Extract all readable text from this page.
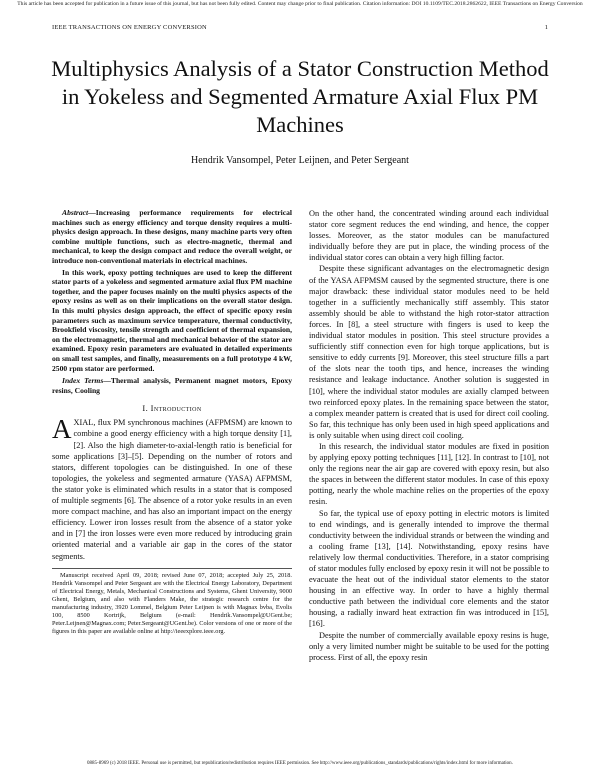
This article has been accepted for publication in a future issue of this journal, but has not been fully edited. Content may change prior to final publication. Citation information: DOI 10.1109/TEC.2018.2862622, IEEE Transactions on Energy Conversion
IEEE TRANSACTIONS ON ENERGY CONVERSION	1
Multiphysics Analysis of a Stator Construction Method in Yokeless and Segmented Armature Axial Flux PM Machines
Hendrik Vansompel, Peter Leijnen, and Peter Sergeant

Abstract—Increasing performance requirements for electrical machines such as energy efficiency and torque density requires a multi-physics design approach. In these designs, many machine parts very often combine multiple functions, such as electro-magnetic, thermal and mechanical, to keep the design compact and reduce the overall weight, or introduce non-conventional materials in electrical machines.

In this work, epoxy potting techniques are used to keep the different stator parts of a yokeless and segmented armature axial flux PM machine together, and the paper focuses mainly on the multi physics aspects of the epoxy resins as well as on their implications on the overall stator design. In this multi physics design approach, the effect of specific epoxy resin parameters such as maximum service temperature, thermal conductivity, Brookfield viscosity, tensile strength and coefficient of thermal expansion, on the electromagnetic, thermal and mechanical behavior of the stator are examined. Epoxy resin parameters are evaluated in detailed experiments on small test samples, and finally, measurements on a full prototype 4 kW, 2500 rpm stator are performed.

Index Terms—Thermal analysis, Permanent magnet motors, Epoxy resins, Cooling
I. Introduction

AXIAL, flux PM synchronous machines (AFPMSM) are known to combine a good energy efficiency with a high torque density [1], [2]. Also the high diameter-to-axial-length ratio is beneficial for some applications [3]–[5]. Depending on the number of rotors and stators, different topologies can be distinguished. In one of these topologies, the yokeless and segmented armature (YASA) AFPMSM, the stator yoke is eliminated which results in a stator that is composed of multiple segments [6]. The absence of a rotor yoke results in an even more compact machine, and has also an important impact on the energy efficiency. Lower iron losses result from the absence of a stator yoke and in [7] the iron losses were even more reduced by introducing grain oriented material and a variable air gap in the cores of the stator segments.

Manuscript received April 09, 2018; revised June 07, 2018; accepted July 25, 2018. Hendrik Vansompel and Peter Sergeant are with the Electrical Energy Laboratory, Department of Electrical Energy, Metals, Mechanical Constructions and Systems, Ghent University, 9000 Ghent, Belgium, and also with Flanders Make, the strategic research centre for the manufacturing industry, 3920 Lommel, Belgium Peter Leijnen is with Magnax bvba, Evolis 100, 8500 Kortrijk, Belgium (e-mail: Hendrik.Vansompel@UGent.be; Peter.Leijnen@Magnax.com; Peter.Sergeant@UGent.be). Color versions of one or more of the figures in this paper are available online at http://ieeexplore.ieee.org.

On the other hand, the concentrated winding around each individual stator core segment reduces the end winding, and hence, the copper losses. Moreover, as the stator modules can be manufactured individually before they are put in place, the winding process of the individual stator cores can obtain a very high filling factor.

Despite these significant advantages on the electromagnetic design of the YASA AFPMSM caused by the segmented structure, there is one major drawback: these individual stator modules need to be held together in a sufficiently mechanically stiff assembly. This stator assembly should be able to withstand the high rotor-stator attraction forces. In [8], a steel structure with fingers is used to keep the individual stator modules in position. This steel structure provides a sufficiently stiff connection even for high torque applications, but is sensitive to eddy currents [9]. Moreover, this steel structure fills a part of the slots near the tooth tips, and hence, increases the winding resistance and leakage inductance. Another solution is suggested in [10], where the individual stator modules are axially clamped between two reinforced epoxy plates. In the remaining space between the stator, a complex meander pattern is created that is used for direct coil cooling. So far, this technique has only been used in high speed applications and is only suitable when using direct coil cooling.

In this research, the individual stator modules are fixed in position by applying epoxy potting techniques [11], [12]. In contrast to [10], not only the regions near the air gap are covered with epoxy resin, but also the spaces in between the different stator modules. In case of this epoxy potting, nearly the whole machine relies on the properties of the epoxy resin.

So far, the typical use of epoxy potting in electric motors is limited to end windings, and is generally intended to improve the thermal conductivity between the individual strands or between the winding and a cooling frame [13], [14]. Notwithstanding, epoxy resins have relatively low thermal conductivities. Therefore, in a stator comprising of stator modules fully enclosed by epoxy resin it will not be possible to evacuate the heat out of the individual stator elements to the stator housing in an effective way. In order to have a highly thermal conductive path between the individual core elements and the stator housing, a radially inward heat extraction fin was introduced in [15], [16].

Despite the number of commercially available epoxy resins is huge, only a very limited number might be suitable to be used for the potting process. First of all, the epoxy resin

0885-8969 (c) 2018 IEEE. Personal use is permitted, but republication/redistribution requires IEEE permission. See http://www.ieee.org/publications_standards/publications/rights/index.html for more information.
